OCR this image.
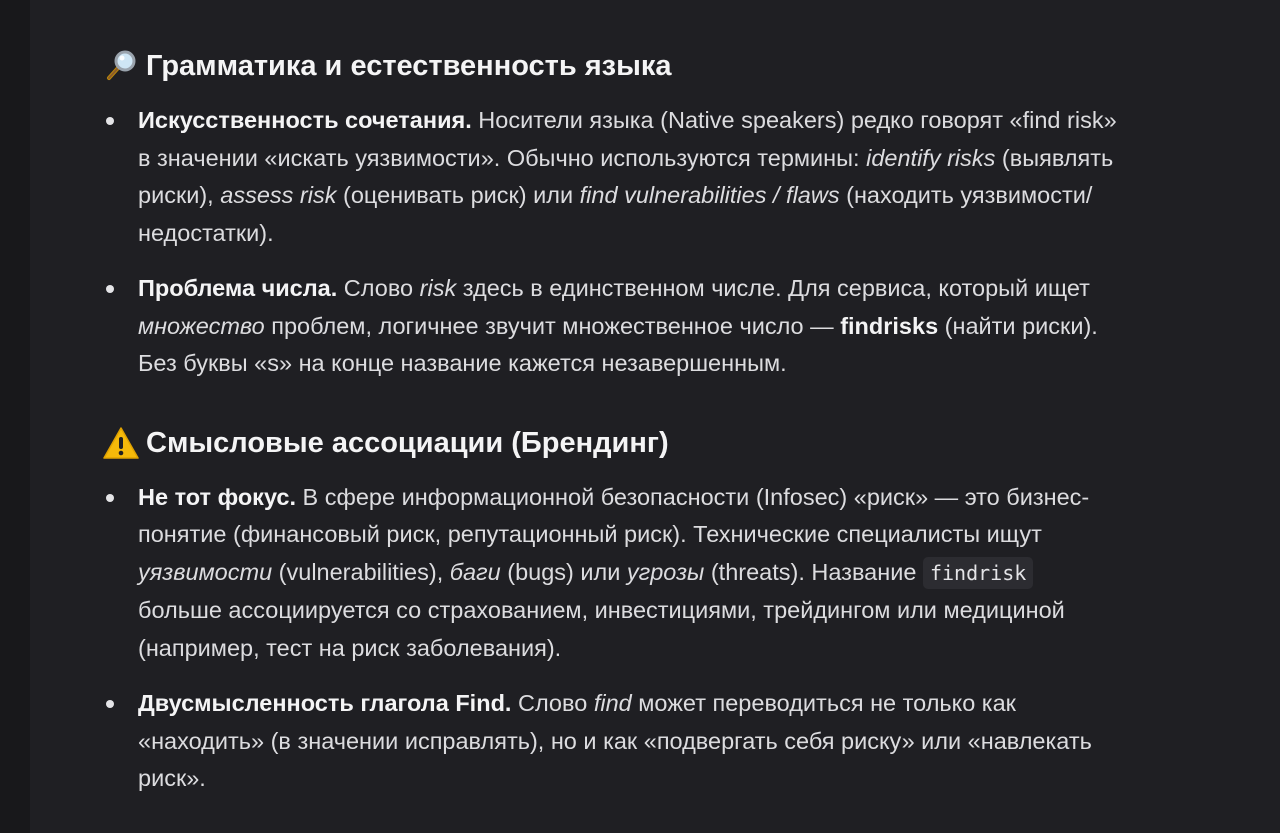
Грамматика и естественность языка
Искусственность сочетания. Носители языка (Native speakers) редко говорят «find risk» в значении «искать уязвимости». Обычно используются термины: identify risks (выявлять риски), assess risk (оценивать риск) или find vulnerabilities / flaws (находить уязвимости/недостатки).
Проблема числа. Слово risk здесь в единственном числе. Для сервиса, который ищет множество проблем, логичнее звучит множественное число — findrisks (найти риски). Без буквы «s» на конце название кажется незавершенным.
Смысловые ассоциации (Брендинг)
Не тот фокус. В сфере информационной безопасности (Infosec) «риск» — это бизнес-понятие (финансовый риск, репутационный риск). Технические специалисты ищут уязвимости (vulnerabilities), баги (bugs) или угрозы (threats). Название findrisk больше ассоциируется со страхованием, инвестициями, трейдингом или медициной (например, тест на риск заболевания).
Двусмысленность глагола Find. Слово find может переводиться не только как «находить» (в значении исправлять), но и как «подвергать себя риску» или «навлекать риск».
